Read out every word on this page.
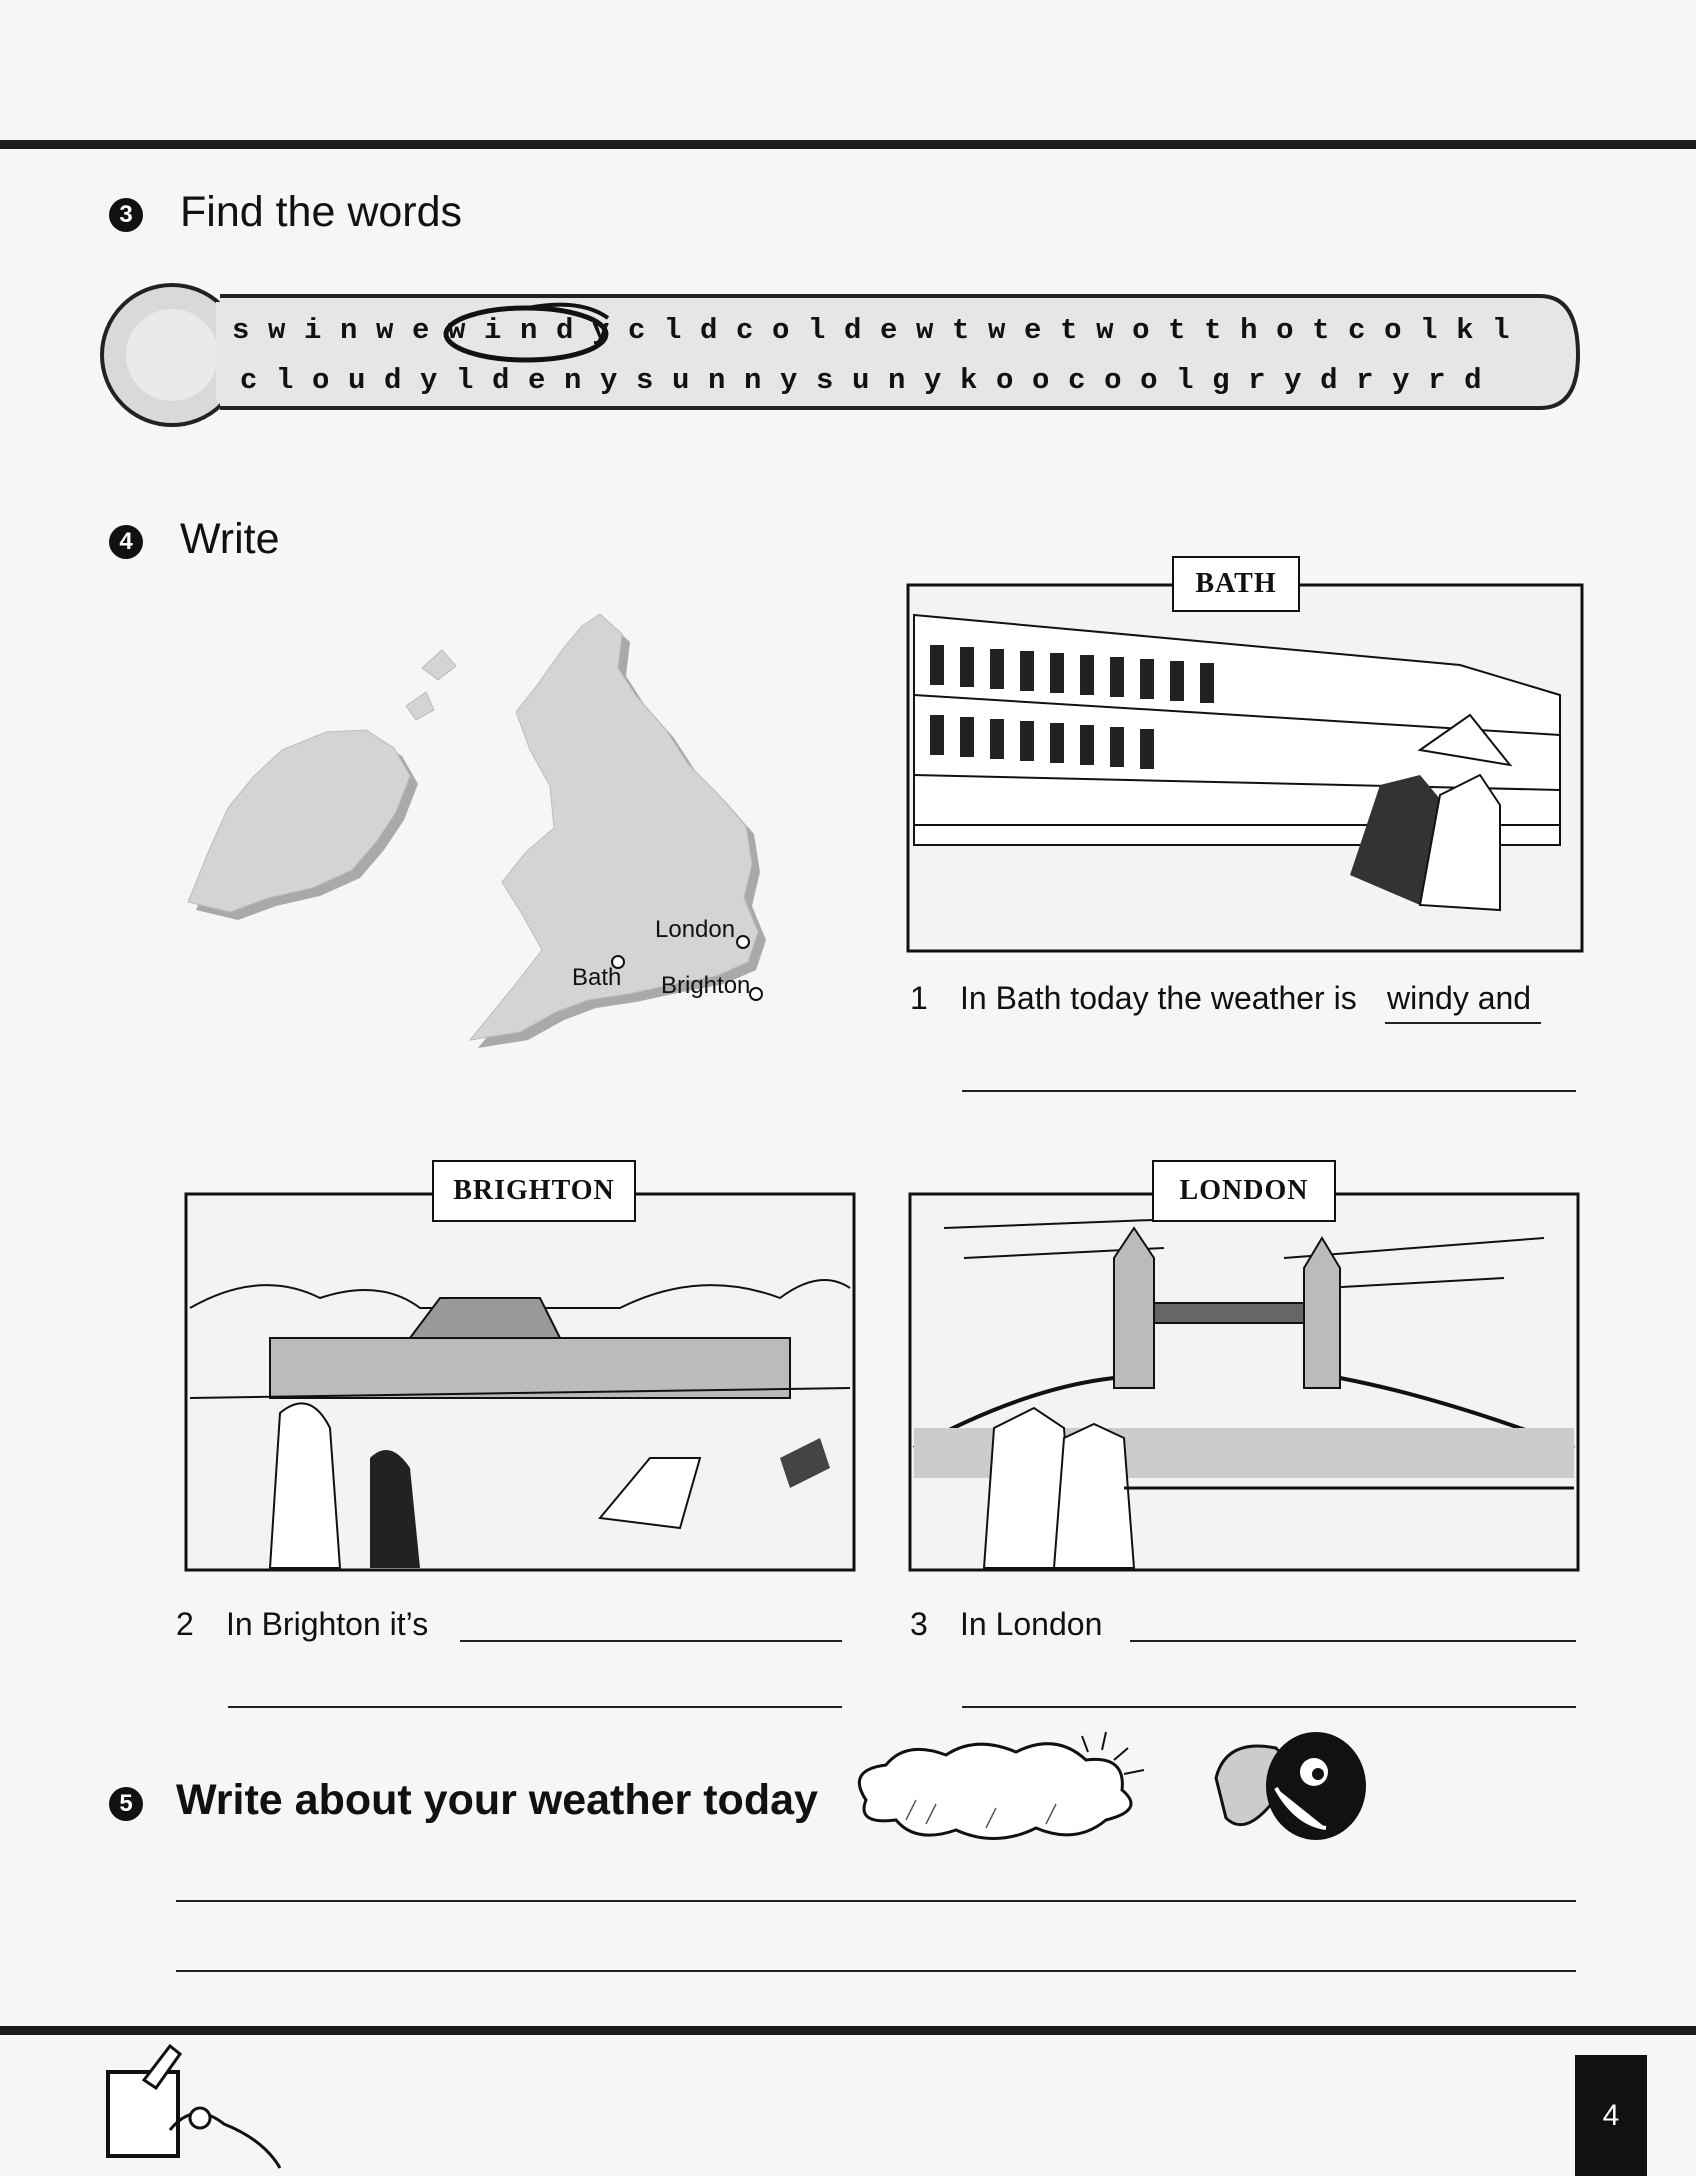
3 Find the words
swinwewindycldcoldewtwetwotthotcolkl
cloudyldenysunnysunykoocoolgrydryrd
4 Write
London
Bath Brighton
BATH
1 In Bath today the weather is windy and
BRIGHTON	LONDON
2 In Brighton it’s	3 In London
5 Write about your weather today
4
